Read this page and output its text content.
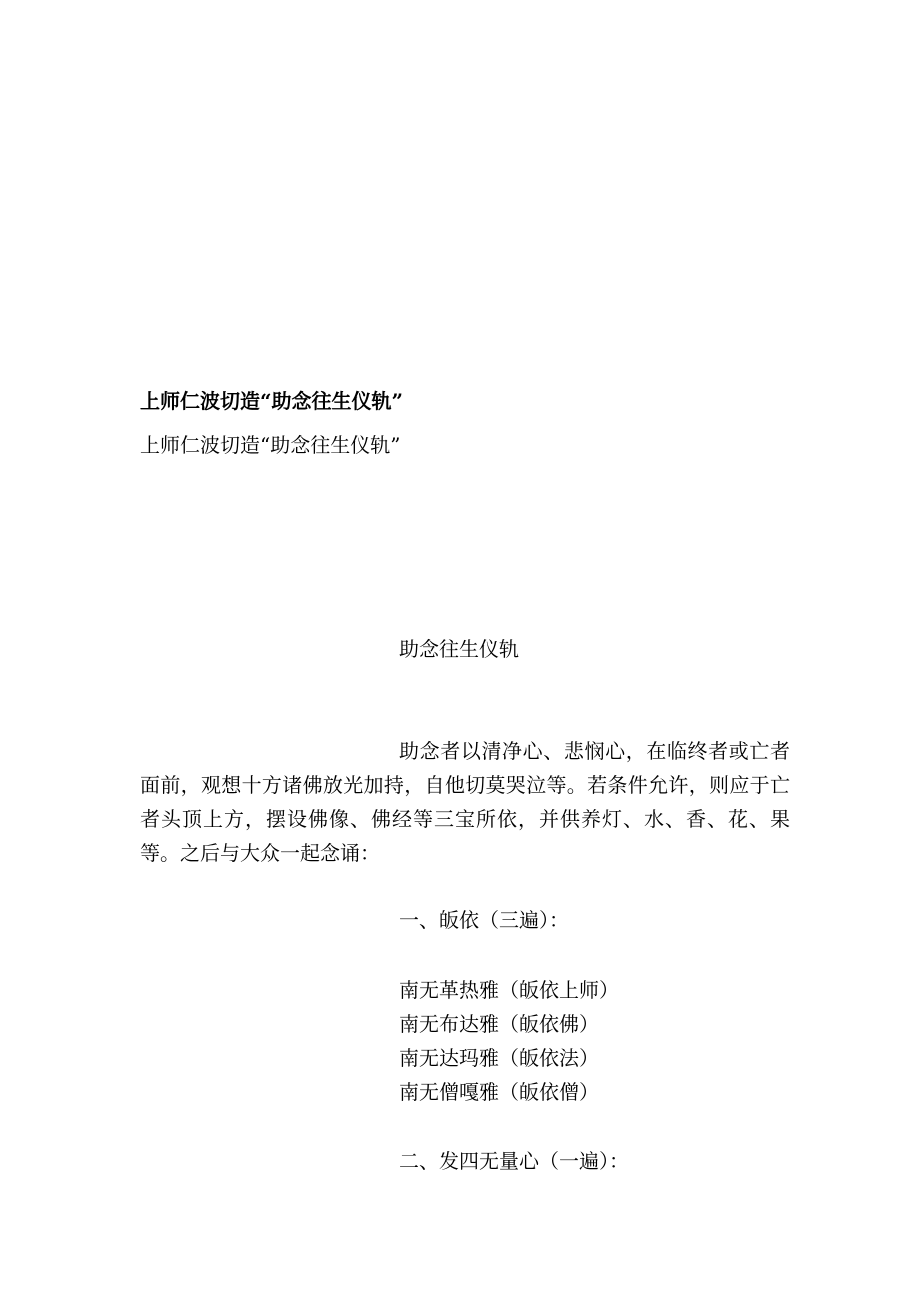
上师仁波切造“助念往生仪轨”
上师仁波切造“助念往生仪轨”
助念往生仪轨
助念者以清净心、悲悯心，在临终者或亡者面前，观想十方诸佛放光加持，自他切莫哭泣等。若条件允许，则应于亡者头顶上方，摆设佛像、佛经等三宝所依，并供养灯、水、香、花、果等。之后与大众一起念诵：
一、皈依（三遍）：
南无革热雅（皈依上师）
南无布达雅（皈依佛）
南无达玛雅（皈依法）
南无僧嘎雅（皈依僧）
二、发四无量心（一遍）：
